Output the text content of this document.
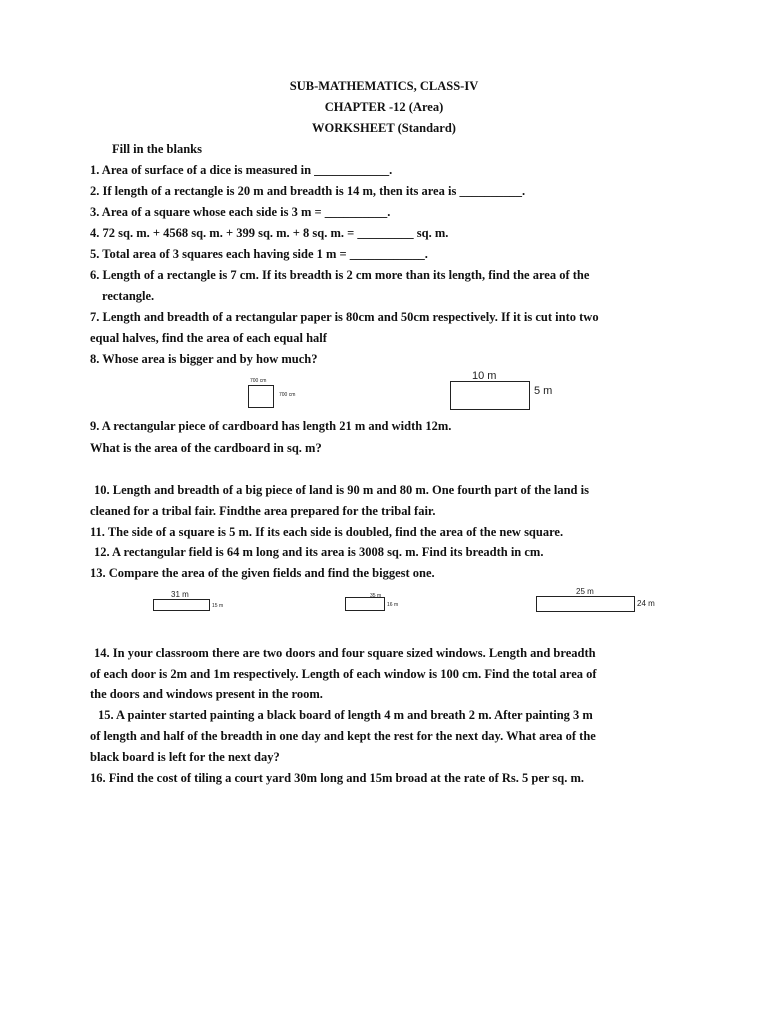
SUB-MATHEMATICS, CLASS-IV
CHAPTER -12 (Area)
WORKSHEET (Standard)
Fill in the blanks
1. Area of surface of a dice is measured in ____________.
2. If length of a rectangle is 20 m and breadth is 14 m, then its area is __________.
3. Area of a square whose each side is 3 m = __________.
4. 72 sq. m. + 4568 sq. m. + 399 sq. m. + 8 sq. m. = _________ sq. m.
5. Total area of 3 squares each having side 1 m = ____________.
6. Length of a rectangle is 7 cm. If its breadth is 2 cm more than its length, find the area of the
rectangle.
7. Length and breadth of a rectangular paper is 80cm and 50cm respectively. If it is cut into two
equal halves, find the area of each equal half
8. Whose area is bigger and by how much?
700 cm
700 cm
10 m
5 m
9. A rectangular piece of cardboard has length 21 m and width 12m.
What is the area of the cardboard in sq. m?
10. Length and breadth of a big piece of land is 90 m and 80 m. One fourth part of the land is
cleaned for a tribal fair. Findthe area prepared for the tribal fair.
11. The side of a square is 5 m. If its each side is doubled, find the area of the new square.
12. A rectangular field is 64 m long and its area is 3008 sq. m. Find its breadth in cm.
13. Compare the area of the given fields and find the biggest one.
31 m
15 m
35 m
16 m
25 m
24 m
14. In your classroom there are two doors and four square sized windows. Length and breadth
of each door is 2m and 1m respectively. Length of each window is 100 cm. Find the total area of
the doors and windows present in the room.
15. A painter started painting a black board of length 4 m and breath 2 m. After painting 3 m
of length and half of the breadth in one day and kept the rest for the next day. What area of the
black board is left for the next day?
16. Find the cost of tiling a court yard 30m long and 15m broad at the rate of Rs. 5 per sq. m.
